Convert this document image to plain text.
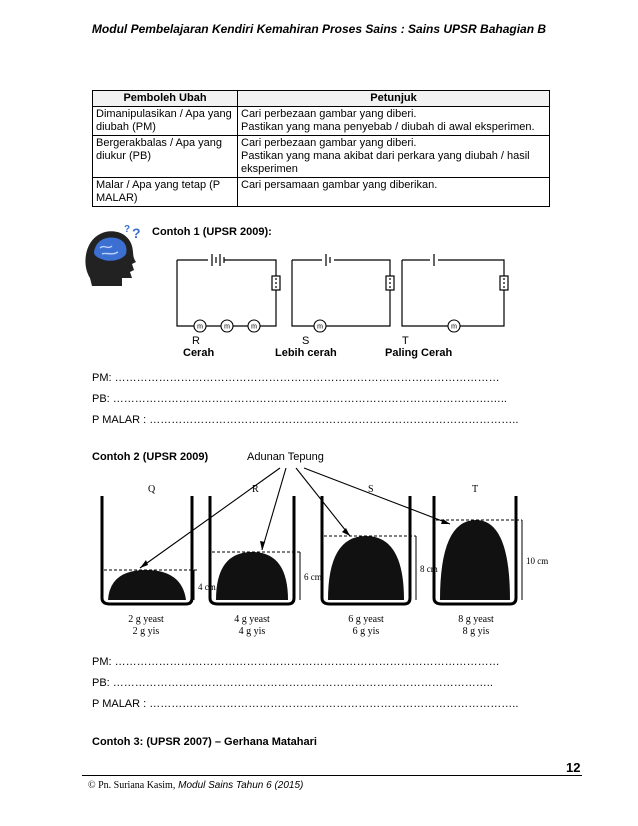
Modul Pembelajaran Kendiri Kemahiran Proses Sains : Sains UPSR Bahagian B
Pemboleh Ubah	Petunjuk
Dimanipulasikan / Apa yang diubah (PM)	Cari perbezaan gambar yang diberi.
Pastikan yang mana penyebab / diubah di awal eksperimen.

Bergerakbalas / Apa yang diukur (PB)	Cari perbezaan gambar yang diberi.
Pastikan yang mana akibat dari perkara yang diubah / hasil eksperimen

Malar / Apa yang tetap (P MALAR)	Cari persamaan gambar yang diberikan.
?
? Contoh 1 (UPSR 2009):
m	m	m	m	m
R	S	T
Cerah	Lebih cerah	Paling Cerah
PM: ……………………………………………………………………………………………
PB: ………………………………………………………………………………………….…..
P MALAR : ………………………………………………………………………………………..
Contoh 2 (UPSR 2009)	Adunan Tepung
Q	R	S	T
4 cm
6 cm
8 cm
10 cm
2 g yeast
2 g yis
4 g yeast
4 g yis
6 g yeast
6 g yis
8 g yeast
8 g yis
PM: ……………………………………………………………………………………………
PB: …………………………………………………………………………………………..
P MALAR : ………………………………………………………………………………………..
Contoh 3: (UPSR 2007) – Gerhana Matahari
12
© Pn. Suriana Kasim, Modul Sains Tahun 6 (2015)
